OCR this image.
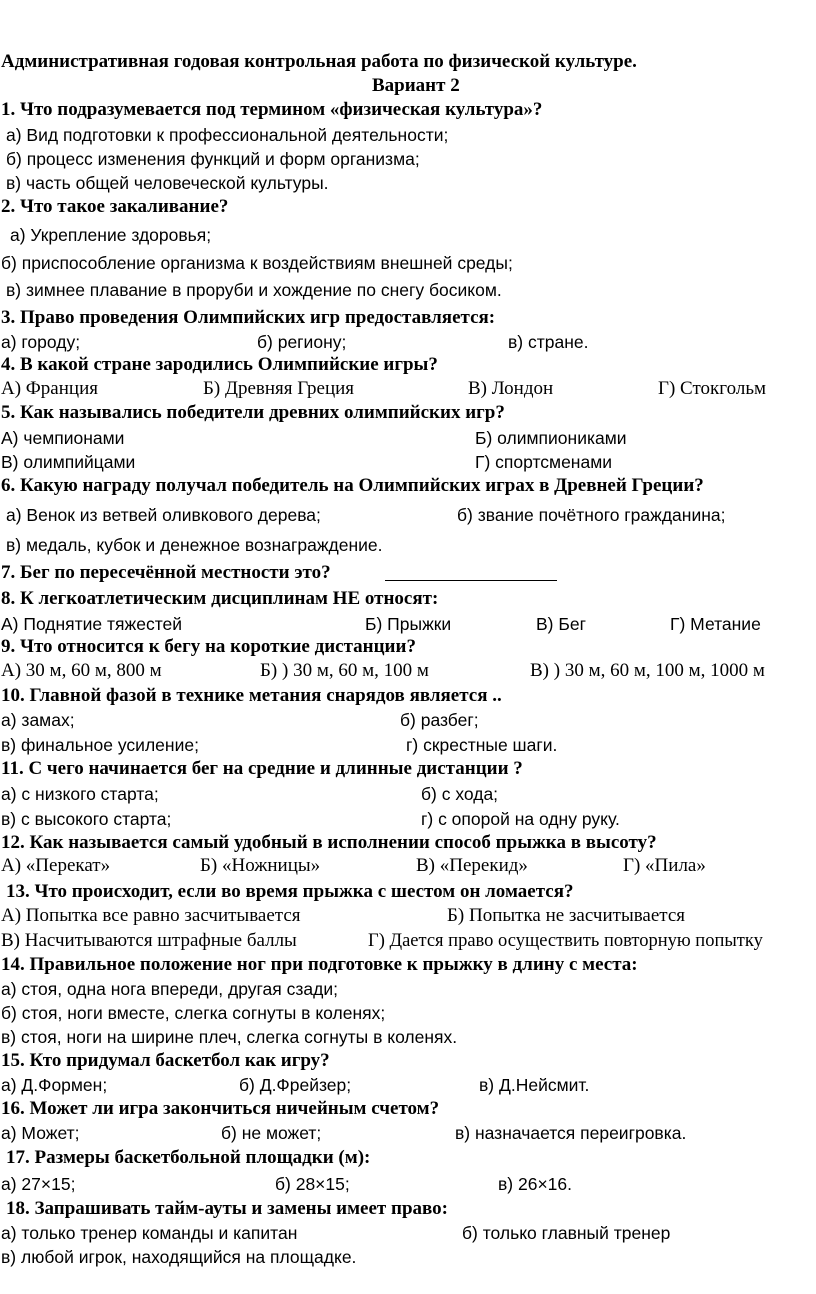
Административная годовая контрольная работа по физической культуре.
Вариант 2
1. Что подразумевается под термином «физическая культура»?
а) Вид подготовки к профессиональной деятельности;
б) процесс изменения функций и форм организма;
в) часть общей человеческой культуры.
2. Что такое закаливание?
а) Укрепление здоровья;
б) приспособление организма к воздействиям внешней среды;
в) зимнее плавание в проруби и хождение по снегу босиком.
3. Право проведения Олимпийских игр предоставляется:
а) городу;	б) региону;	в) стране.
4. В какой стране зародились Олимпийские игры?
А) Франция	Б) Древняя Греция	В) Лондон	Г) Стокгольм
5. Как назывались победители древних олимпийских игр?
А) чемпионами	Б) олимпиониками
В) олимпийцами	Г) спортсменами
6. Какую награду получал победитель на Олимпийских играх в Древней Греции?
а) Венок из ветвей оливкового дерева;	б) звание почётного гражданина;
в) медаль, кубок и денежное вознаграждение.
7. Бег по пересечённой местности это?
8. К легкоатлетическим дисциплинам НЕ относят:
А) Поднятие тяжестей	Б) Прыжки	В) Бег	Г) Метание
9. Что относится к бегу на короткие дистанции?
А) 30 м, 60 м, 800 м	Б) ) 30 м, 60 м, 100 м	В) ) 30 м, 60 м, 100 м, 1000 м
10. Главной фазой в технике метания снарядов является ..
а) замах;	б) разбег;
в) финальное усиление;	г) скрестные шаги.
11. С чего начинается бег на средние и длинные дистанции ?
а) с низкого старта;	б) с хода;
в) с высокого старта;	г) с опорой на одну руку.
12. Как называется самый удобный в исполнении способ прыжка в высоту?
А) «Перекат»	Б) «Ножницы»	В) «Перекид»	Г) «Пила»
13. Что происходит, если во время прыжка с шестом он ломается?
А) Попытка все равно засчитывается	Б) Попытка не засчитывается
В) Насчитываются штрафные баллы	Г) Дается право осуществить повторную попытку
14. Правильное положение ног при подготовке к прыжку в длину с места:
а) стоя, одна нога впереди, другая сзади;
б) стоя, ноги вместе, слегка согнуты в коленях;
в) стоя, ноги на ширине плеч, слегка согнуты в коленях.
15. Кто придумал баскетбол как игру?
а) Д.Формен;	б) Д.Фрейзер;	в) Д.Нейсмит.
16. Может ли игра закончиться ничейным счетом?
а) Может;	б) не может;	в) назначается переигровка.
17. Размеры баскетбольной площадки (м):
а) 27×15;	б) 28×15;	в) 26×16.
18. Запрашивать тайм-ауты и замены имеет право:
а) только тренер команды и капитан	б) только главный тренер
в) любой игрок, находящийся на площадке.
